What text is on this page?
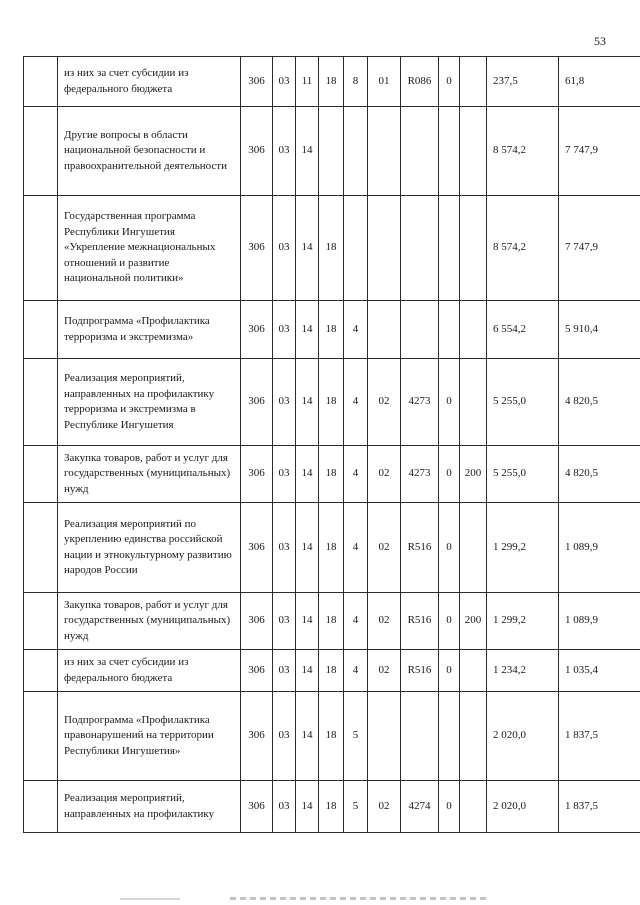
53
	из них за счет субсидии из федерального бюджета	306	03	11	18	8	01	R086	0		237,5	61,8
	Другие вопросы в области национальной безопасности и правоохранительной деятельности	306	03	14							8 574,2	7 747,9
	Государственная программа Республики Ингушетия «Укрепление межнациональных отношений и развитие национальной политики»	306	03	14	18						8 574,2	7 747,9
	Подпрограмма «Профилактика терроризма и экстремизма»	306	03	14	18	4					6 554,2	5 910,4
	Реализация мероприятий, направленных на профилактику терроризма и экстремизма в Республике Ингушетия	306	03	14	18	4	02	4273	0		5 255,0	4 820,5
	Закупка товаров, работ и услуг для государственных (муниципальных) нужд	306	03	14	18	4	02	4273	0	200	5 255,0	4 820,5
	Реализация мероприятий по укреплению единства российской нации и этнокультурному развитию народов России	306	03	14	18	4	02	R516	0		1 299,2	1 089,9
	Закупка товаров, работ и услуг для государственных (муниципальных) нужд	306	03	14	18	4	02	R516	0	200	1 299,2	1 089,9
	из них за счет субсидии из федерального бюджета	306	03	14	18	4	02	R516	0		1 234,2	1 035,4
	Подпрограмма «Профилактика правонарушений на территории Республики Ингушетия»	306	03	14	18	5					2 020,0	1 837,5
	Реализация мероприятий, направленных на профилактику	306	03	14	18	5	02	4274	0		2 020,0	1 837,5
